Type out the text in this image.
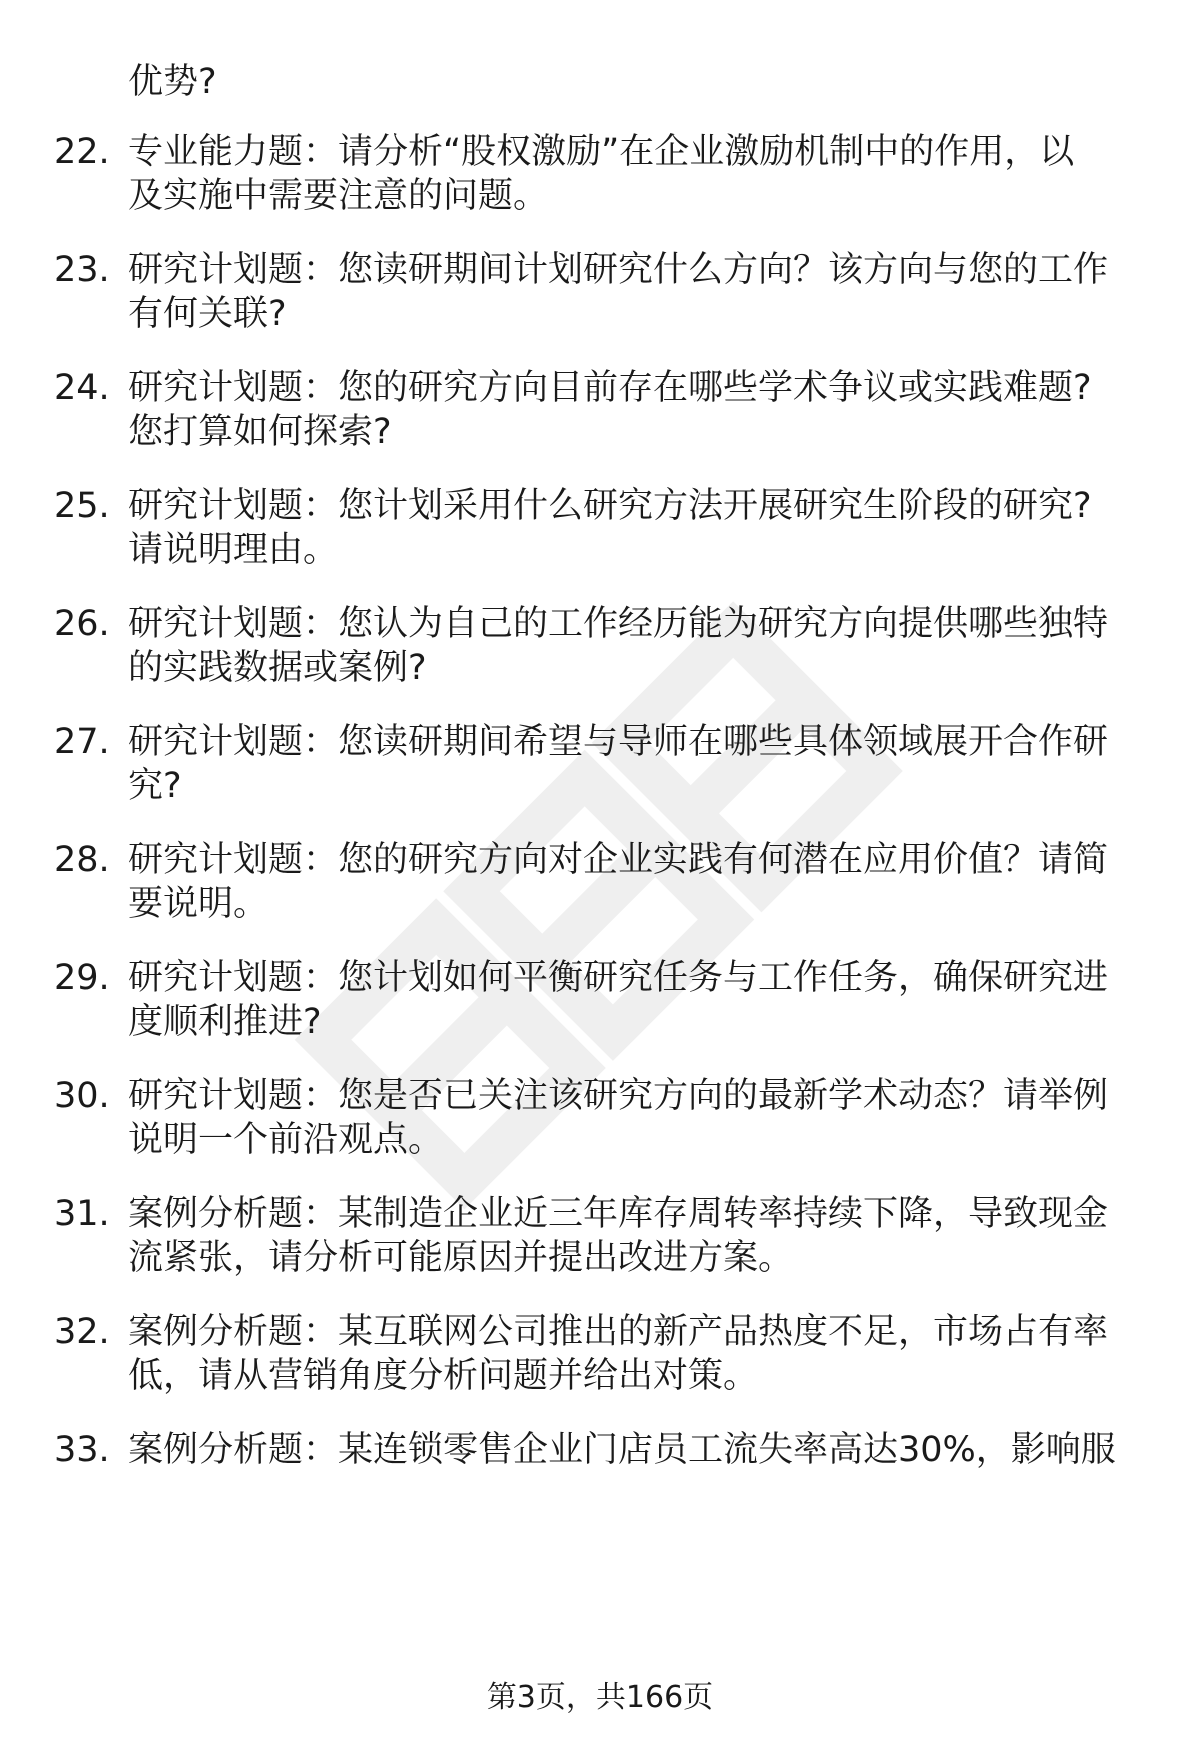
优势?
22. 专业能力题：请分析“股权激励”在企业激励机制中的作用，以
及实施中需要注意的问题。
23. 研究计划题：您读研期间计划研究什么方向？该方向与您的工作
有何关联?
24. 研究计划题：您的研究方向目前存在哪些学术争议或实践难题?
您打算如何探索?
25. 研究计划题：您计划采用什么研究方法开展研究生阶段的研究?
请说明理由。
26. 研究计划题：您认为自己的工作经历能为研究方向提供哪些独特
的实践数据或案例?
27. 研究计划题：您读研期间希望与导师在哪些具体领域展开合作研
究?
28. 研究计划题：您的研究方向对企业实践有何潜在应用价值？请简
要说明。
29. 研究计划题：您计划如何平衡研究任务与工作任务，确保研究进
度顺利推进?
30. 研究计划题：您是否已关注该研究方向的最新学术动态？请举例
说明一个前沿观点。
31. 案例分析题：某制造企业近三年库存周转率持续下降，导致现金
流紧张，请分析可能原因并提出改进方案。
32. 案例分析题：某互联网公司推出的新产品热度不足，市场占有率
低，请从营销角度分析问题并给出对策。
33. 案例分析题：某连锁零售企业门店员工流失率高达30%，影响服
第3页，共166页
